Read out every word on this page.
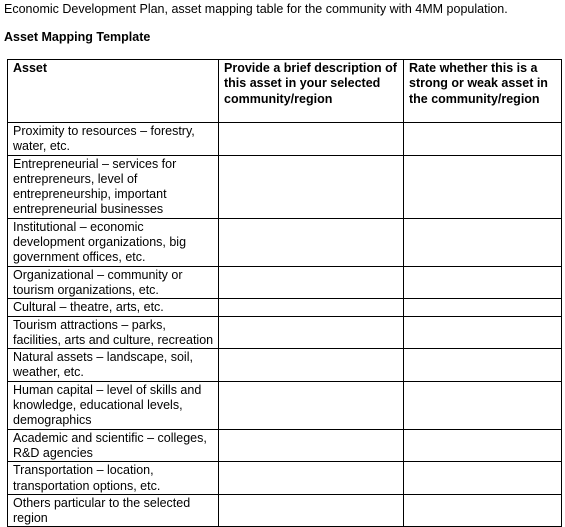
Economic Development Plan, asset mapping table for the community with 4MM population.
Asset Mapping Template
Asset	Provide a brief description of this asset in your selected community/region	Rate whether this is a strong or weak asset in the community/region
Proximity to resources – forestry, water, etc.		
Entrepreneurial – services for entrepreneurs, level of entrepreneurship, important entrepreneurial businesses		
Institutional – economic development organizations, big government offices, etc.		
Organizational – community or tourism organizations, etc.		
Cultural – theatre, arts, etc.		
Tourism attractions – parks, facilities, arts and culture, recreation		
Natural assets – landscape, soil, weather, etc.		
Human capital – level of skills and knowledge, educational levels, demographics		
Academic and scientific – colleges, R&D agencies		
Transportation – location, transportation options, etc.		
Others particular to the selected region		
